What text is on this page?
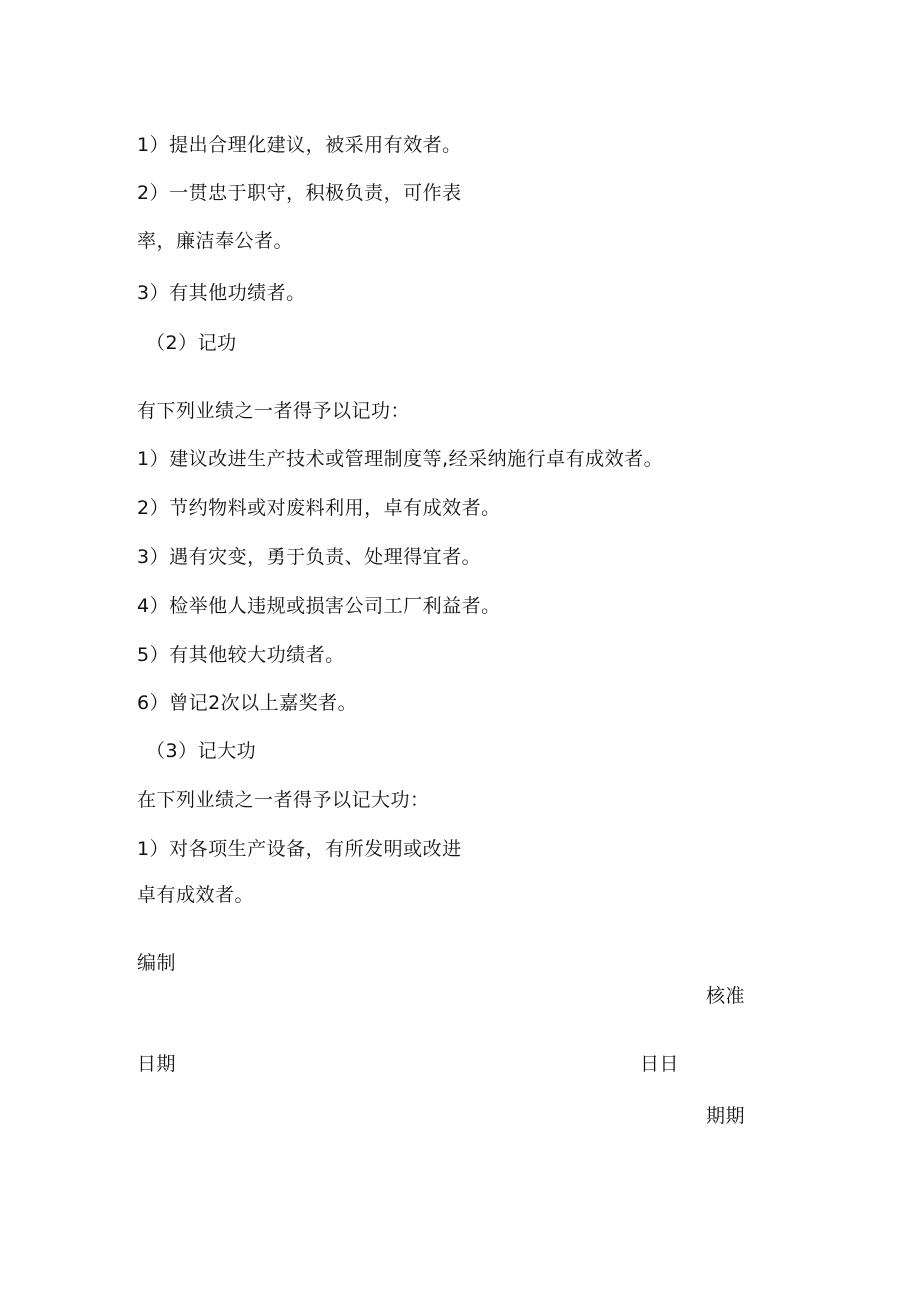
1）提出合理化建议，被采用有效者。
2）一贯忠于职守，积极负责，可作表
率，廉洁奉公者。
3）有其他功绩者。
（2）记功
有下列业绩之一者得予以记功：
1）建议改进生产技术或管理制度等,经采纳施行卓有成效者。
2）节约物料或对废料利用，卓有成效者。
3）遇有灾变，勇于负责、处理得宜者。
4）检举他人违规或损害公司工厂利益者。
5）有其他较大功绩者。
6）曾记2次以上嘉奖者。
（3）记大功
在下列业绩之一者得予以记大功：
1）对各项生产设备，有所发明或改进
卓有成效者。
编制
核准
日期	日日
期期
